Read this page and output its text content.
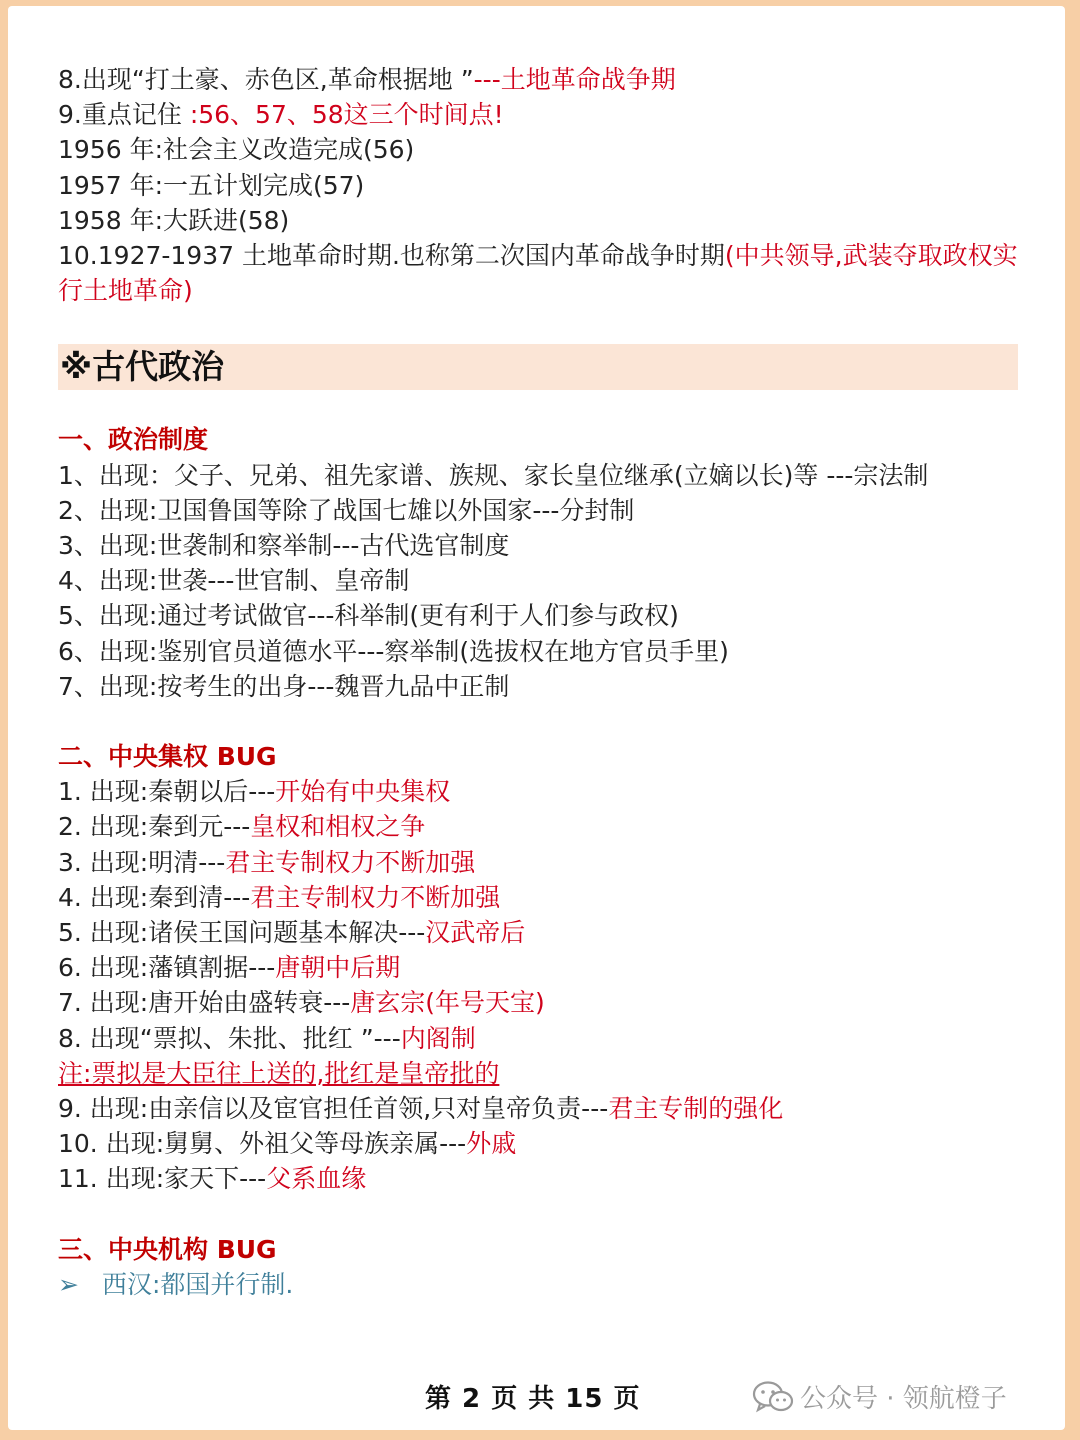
8.出现“打土豪、赤色区,革命根据地 ”---土地革命战争期
9.重点记住 :56、57、58这三个时间点!
1956 年:社会主义改造完成(56)
1957 年:一五计划完成(57)
1958 年:大跃进(58)
10.1927-1937 土地革命时期.也称第二次国内革命战争时期(中共领导,武装夺取政权实行土地革命)
※古代政治
一、政治制度
1、出现：父子、兄弟、祖先家谱、族规、家长皇位继承(立嫡以长)等 ---宗法制
2、出现:卫国鲁国等除了战国七雄以外国家---分封制
3、出现:世袭制和察举制---古代选官制度
4、出现:世袭---世官制、皇帝制
5、出现:通过考试做官---科举制(更有利于人们参与政权)
6、出现:鉴别官员道德水平---察举制(选拔权在地方官员手里)
7、出现:按考生的出身---魏晋九品中正制
二、中央集权 BUG
1. 出现:秦朝以后---开始有中央集权
2. 出现:秦到元---皇权和相权之争
3. 出现:明清---君主专制权力不断加强
4. 出现:秦到清---君主专制权力不断加强
5. 出现:诸侯王国问题基本解决---汉武帝后
6. 出现:藩镇割据---唐朝中后期
7. 出现:唐开始由盛转衰---唐玄宗(年号天宝)
8. 出现“票拟、朱批、批红 ”---内阁制
注:票拟是大臣往上送的,批红是皇帝批的
9. 出现:由亲信以及宦官担任首领,只对皇帝负责---君主专制的强化
10. 出现:舅舅、外祖父等母族亲属---外戚
11. 出现:家天下---父系血缘
三、中央机构 BUG
➢ 西汉:都国并行制.
第 2 页 共 15 页	公众号 · 领航橙子
